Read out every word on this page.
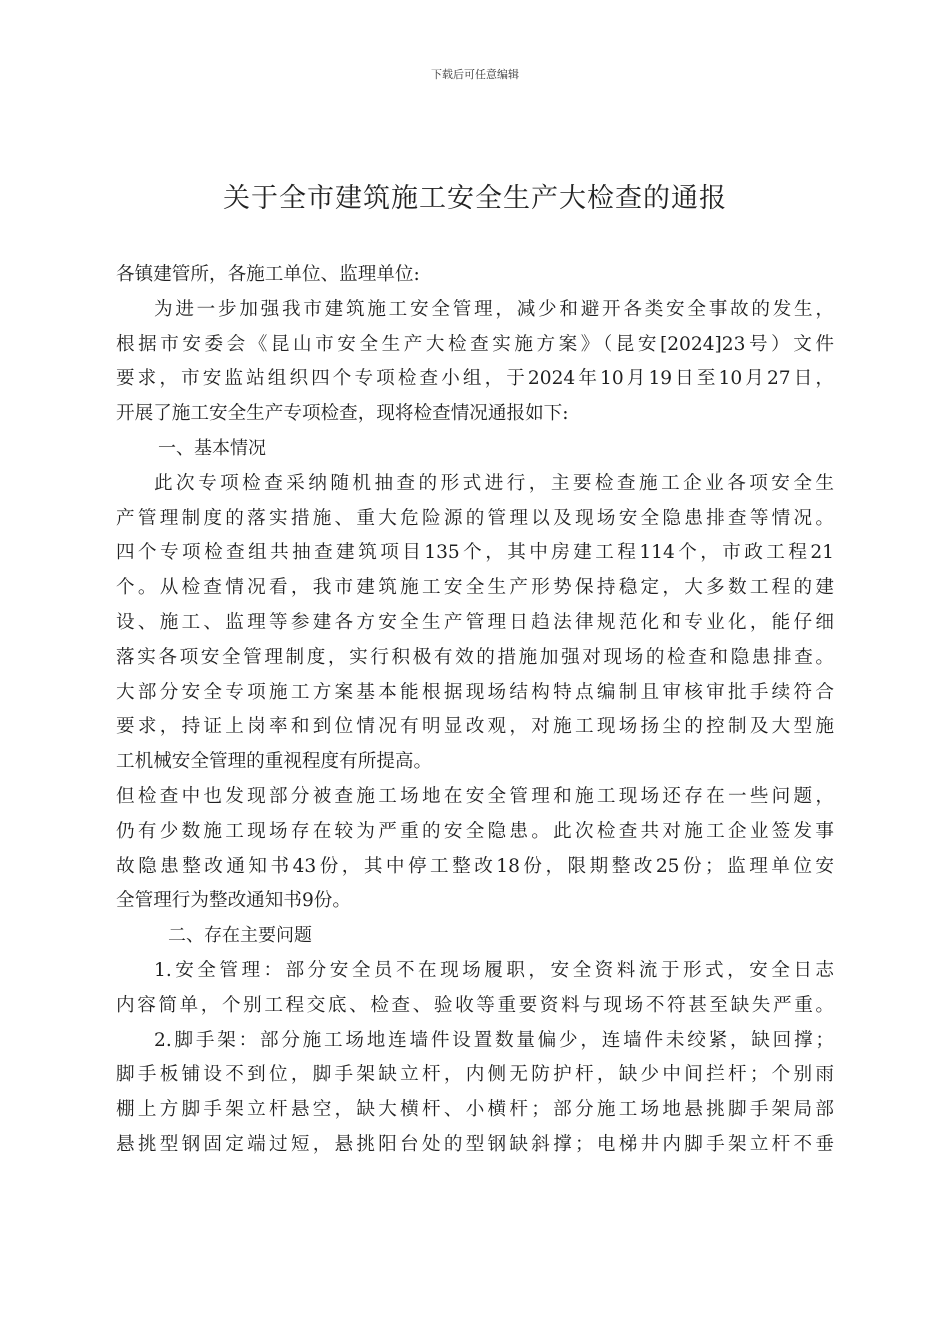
下载后可任意编辑
关于全市建筑施工安全生产大检查的通报
各镇建管所，各施工单位、监理单位:
为进一步加强我市建筑施工安全管理，减少和避开各类安全事故的发生，
根据市安委会《昆山市安全生产大检查实施方案》（昆安[2024]23号）文件
要求，市安监站组织四个专项检查小组，于2024年10月19日至10月27日，
开展了施工安全生产专项检查，现将检查情况通报如下:
一、基本情况
此次专项检查采纳随机抽查的形式进行，主要检查施工企业各项安全生
产管理制度的落实措施、重大危险源的管理以及现场安全隐患排查等情况。
四个专项检查组共抽查建筑项目135个，其中房建工程114个，市政工程21
个。从检查情况看，我市建筑施工安全生产形势保持稳定，大多数工程的建
设、施工、监理等参建各方安全生产管理日趋法律规范化和专业化，能仔细
落实各项安全管理制度，实行积极有效的措施加强对现场的检查和隐患排查。
大部分安全专项施工方案基本能根据现场结构特点编制且审核审批手续符合
要求，持证上岗率和到位情况有明显改观，对施工现场扬尘的控制及大型施
工机械安全管理的重视程度有所提高。
但检查中也发现部分被查施工场地在安全管理和施工现场还存在一些问题，
仍有少数施工现场存在较为严重的安全隐患。此次检查共对施工企业签发事
故隐患整改通知书43份，其中停工整改18份，限期整改25份；监理单位安
全管理行为整改通知书9份。
二、存在主要问题
1.安全管理：部分安全员不在现场履职，安全资料流于形式，安全日志
内容简单，个别工程交底、检查、验收等重要资料与现场不符甚至缺失严重。
2.脚手架：部分施工场地连墙件设置数量偏少，连墙件未绞紧，缺回撑；
脚手板铺设不到位，脚手架缺立杆，内侧无防护杆，缺少中间拦杆；个别雨
棚上方脚手架立杆悬空，缺大横杆、小横杆；部分施工场地悬挑脚手架局部
悬挑型钢固定端过短，悬挑阳台处的型钢缺斜撑；电梯井内脚手架立杆不垂
